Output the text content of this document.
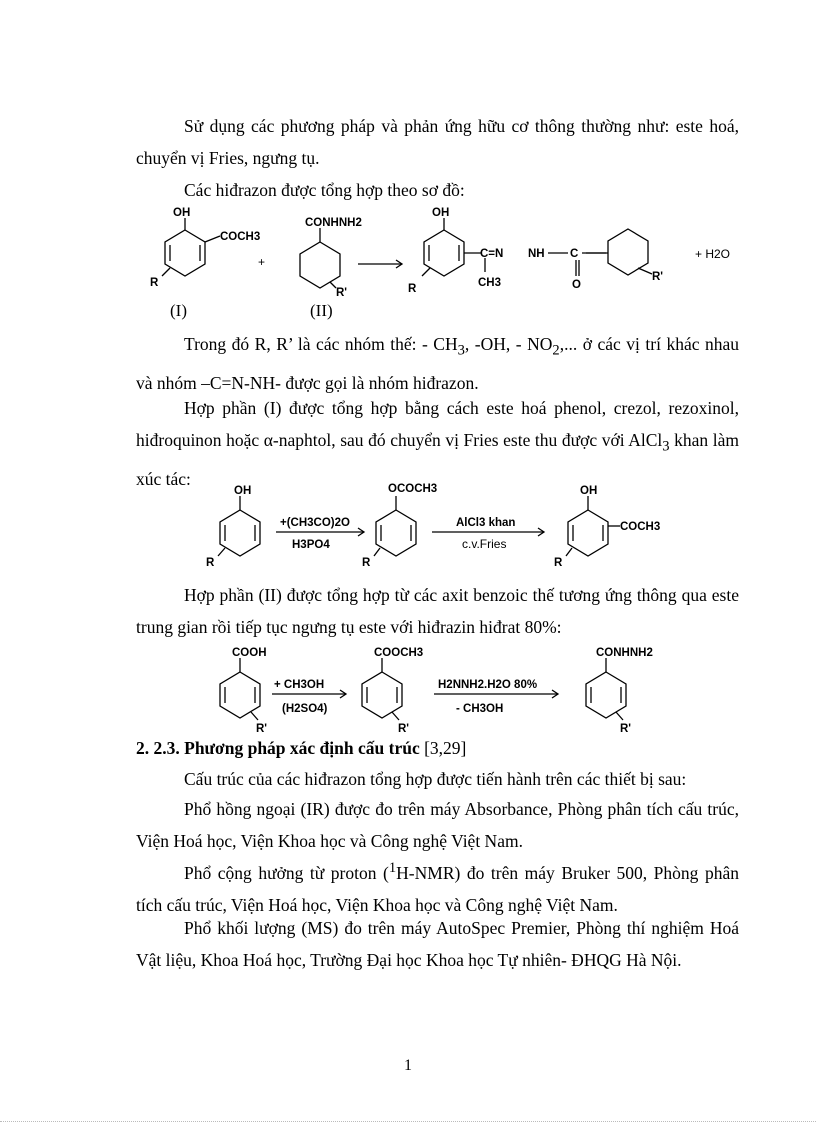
Sử dụng các phương pháp và phản ứng hữu cơ thông thường như: este hoá, chuyển vị Fries, ngưng tụ.
Các hiđrazon được tổng hợp theo sơ đồ:
OH
COCH3
R
+
CONHNH2
R'
OH
C=N NH C
CH3	O
R
R'
+ H2O
(I)	(II)
Trong đó R, R’ là các nhóm thế: - $CH_3$, -OH, - $NO_2$,... ở các vị trí khác nhau và nhóm –C=N-NH- được gọi là nhóm hiđrazon.
Hợp phần (I) được tổng hợp bằng cách este hoá phenol, crezol, rezoxinol, hiđroquinon hoặc α-naphtol, sau đó chuyển vị Fries este thu được với AlCl$_3$ khan làm xúc tác:
OH
R
+(CH3CO)2O
H3PO4
OCOCH3
R
AlCl3 khan
c.v.Fries
OH
COCH3
R
Hợp phần (II) được tổng hợp từ các axit benzoic thế tương ứng thông qua este trung gian rồi tiếp tục ngưng tụ este với hiđrazin hiđrat 80%:
COOH
R'
+ CH3OH
(H2SO4)
COOCH3
R'
H2NNH2.H2O 80%
- CH3OH
CONHNH2
R'
2. 2.3. Phương pháp xác định cấu trúc [3,29]
Cấu trúc của các hiđrazon tổng hợp được tiến hành trên các thiết bị sau:
Phổ hồng ngoại (IR) được đo trên máy Absorbance, Phòng phân tích cấu trúc, Viện Hoá học, Viện Khoa học và Công nghệ Việt Nam.
Phổ cộng hưởng từ proton ($^1$H-NMR) đo trên máy Bruker 500, Phòng phân tích cấu trúc, Viện Hoá học, Viện Khoa học và Công nghệ Việt Nam.
Phổ khối lượng (MS) đo trên máy AutoSpec Premier, Phòng thí nghiệm Hoá Vật liệu, Khoa Hoá học, Trường Đại học Khoa học Tự nhiên- ĐHQG Hà Nội.
1
